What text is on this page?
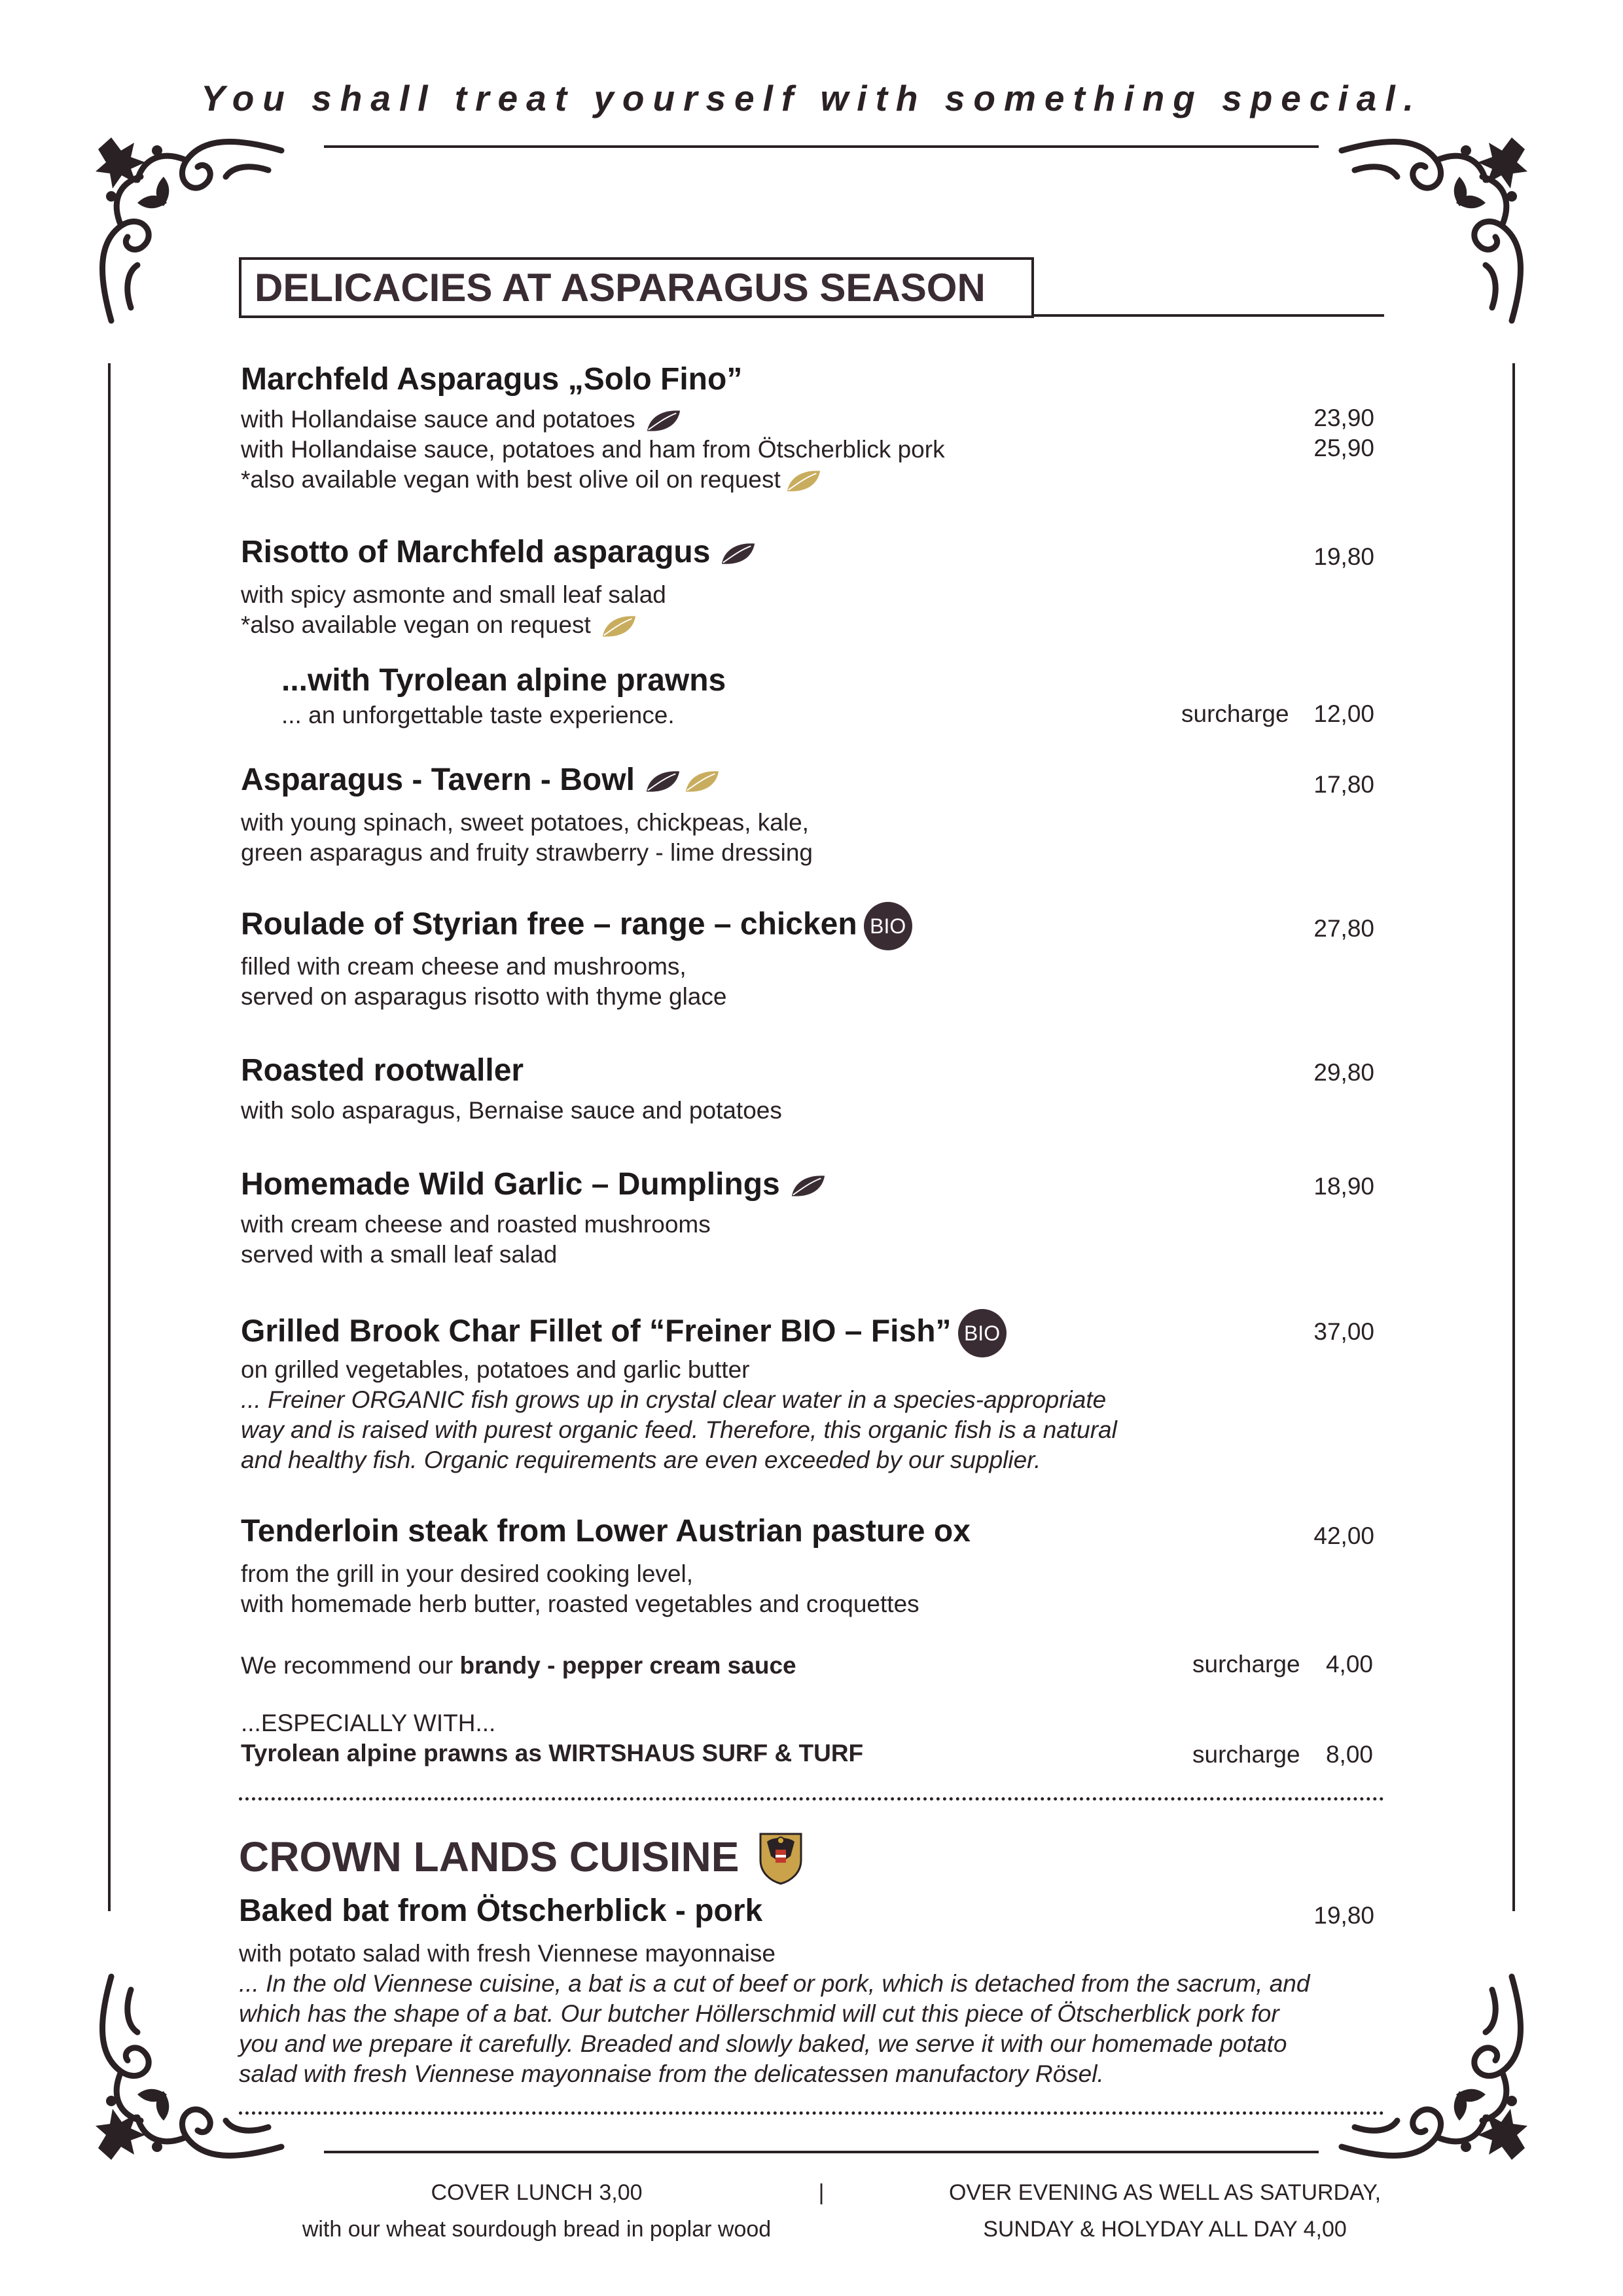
You shall treat yourself with something special.
DELICACIES AT ASPARAGUS SEASON
Marchfeld Asparagus „Solo Fino”
with Hollandaise sauce and potatoes	23,90
with Hollandaise sauce, potatoes and ham from Ötscherblick pork	25,90
*also available vegan with best olive oil on request
Risotto of Marchfeld asparagus	19,80
with spicy asmonte and small leaf salad
*also available vegan on request
...with Tyrolean alpine prawns
... an unforgettable taste experience.	surcharge	12,00
Asparagus - Tavern - Bowl	17,80
with young spinach, sweet potatoes, chickpeas, kale,
green asparagus and fruity strawberry - lime dressing
Roulade of Styrian free – range – chicken BIO	27,80
filled with cream cheese and mushrooms,
served on asparagus risotto with thyme glace
Roasted rootwaller	29,80
with solo asparagus, Bernaise sauce and potatoes
Homemade Wild Garlic – Dumplings	18,90
with cream cheese and roasted mushrooms
served with a small leaf salad
Grilled Brook Char Fillet of “Freiner BIO – Fish” BIO	37,00
on grilled vegetables, potatoes and garlic butter
... Freiner ORGANIC fish grows up in crystal clear water in a species-appropriate
way and is raised with purest organic feed. Therefore, this organic fish is a natural
and healthy fish. Organic requirements are even exceeded by our supplier.
Tenderloin steak from Lower Austrian pasture ox	42,00
from the grill in your desired cooking level,
with homemade herb butter, roasted vegetables and croquettes
We recommend our brandy - pepper cream sauce	surcharge	4,00
...ESPECIALLY WITH...
Tyrolean alpine prawns as WIRTSHAUS SURF & TURF	surcharge	8,00
CROWN LANDS CUISINE
Baked bat from Ötscherblick - pork	19,80
with potato salad with fresh Viennese mayonnaise
... In the old Viennese cuisine, a bat is a cut of beef or pork, which is detached from the sacrum, and
which has the shape of a bat. Our butcher Höllerschmid will cut this piece of Ötscherblick pork for
you and we prepare it carefully. Breaded and slowly baked, we serve it with our homemade potato
salad with fresh Viennese mayonnaise from the delicatessen manufactory Rösel.
COVER LUNCH 3,00
with our wheat sourdough bread in poplar wood
|	OVER EVENING AS WELL AS SATURDAY,
SUNDAY & HOLYDAY ALL DAY 4,00
